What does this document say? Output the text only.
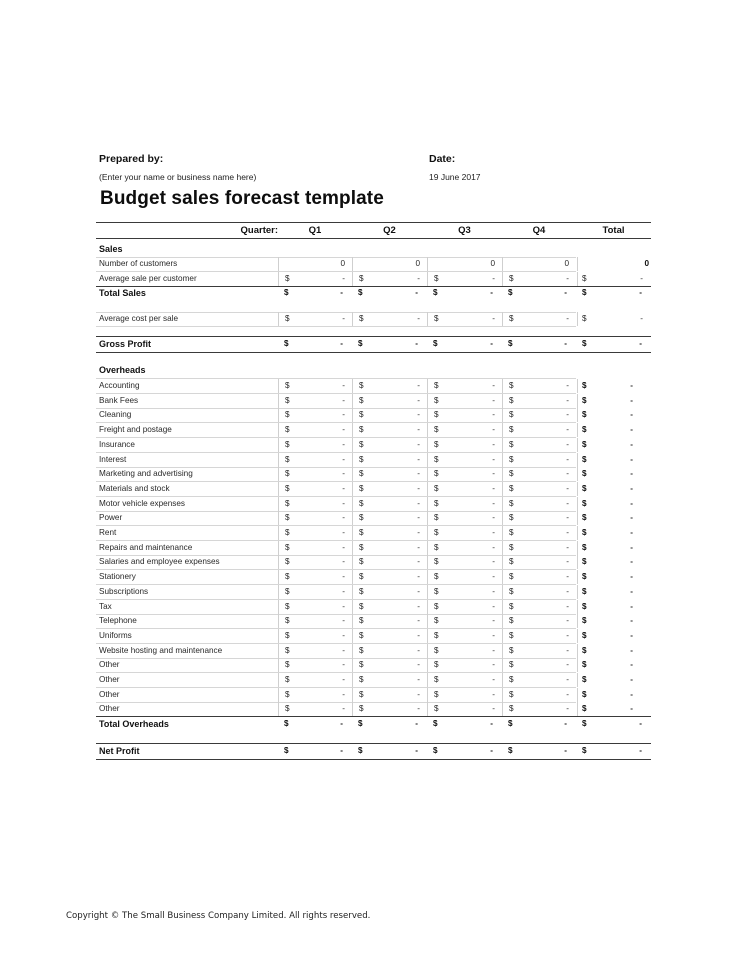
Prepared by:
(Enter your name or business name here)
Date:
19 June 2017
Budget sales forecast template
Quarter:	Q1	Q2	Q3	Q4	Total
Sales
Number of customers	0	0	0	0	0
Average sale per customer	$	- $	- $	- $	- $	-
Total Sales	$	- $	- $	- $	- $	-
Average cost per sale	$	- $	- $	- $	- $	-
Gross Profit	$	- $	- $	- $	- $	-
Overheads
Accounting	$	- $	- $	- $	- $	-
Bank Fees	$	- $	- $	- $	- $	-
Cleaning	$	- $	- $	- $	- $	-
Freight and postage	$	- $	- $	- $	- $	-
Insurance	$	- $	- $	- $	- $	-
Interest	$	- $	- $	- $	- $	-
Marketing and advertising	$	- $	- $	- $	- $	-
Materials and stock	$	- $	- $	- $	- $	-
Motor vehicle expenses	$	- $	- $	- $	- $	-
Power	$	- $	- $	- $	- $	-
Rent	$	- $	- $	- $	- $	-
Repairs and maintenance	$	- $	- $	- $	- $	-
Salaries and employee expenses	$	- $	- $	- $	- $	-
Stationery	$	- $	- $	- $	- $	-
Subscriptions	$	- $	- $	- $	- $	-
Tax	$	- $	- $	- $	- $	-
Telephone	$	- $	- $	- $	- $	-
Uniforms	$	- $	- $	- $	- $	-
Website hosting and maintenance	$	- $	- $	- $	- $	-
Other	$	- $	- $	- $	- $	-
Other	$	- $	- $	- $	- $	-
Other	$	- $	- $	- $	- $	-
Other	$	- $	- $	- $	- $	-
Total Overheads	$	- $	- $	- $	- $	-
Net Profit	$	- $	- $	- $	- $	-
Copyright © The Small Business Company Limited. All rights reserved.
